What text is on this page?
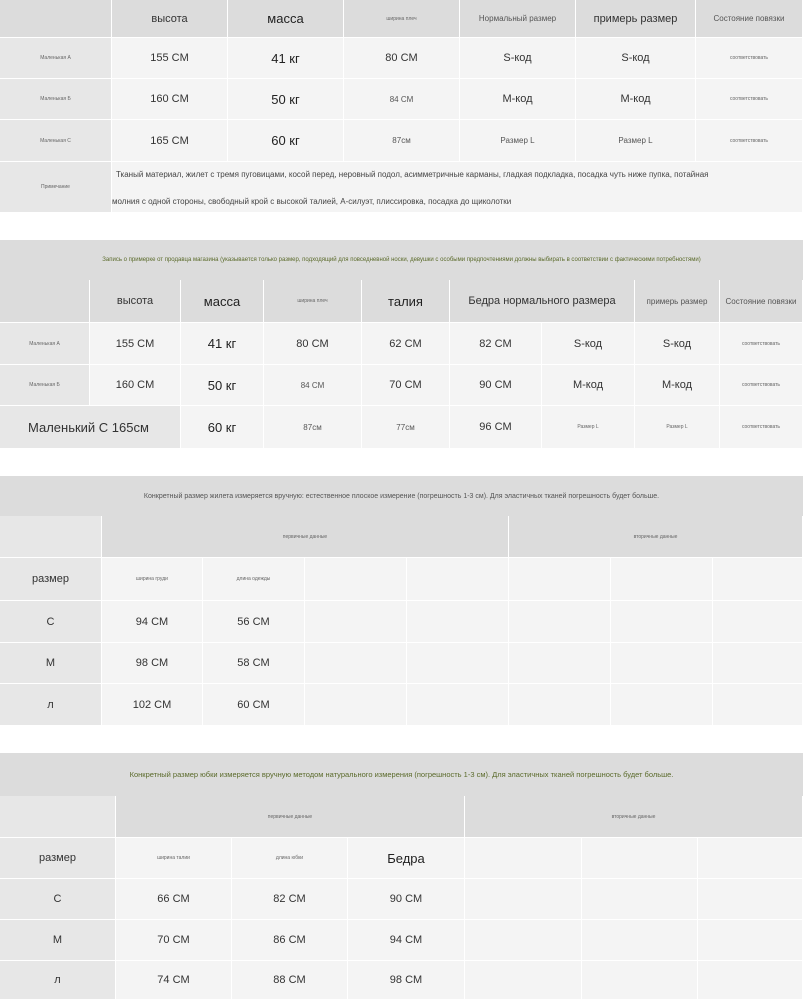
высота	масса	ширина плеч	Нормальный размер	примерь размер	Состояние повязки
Маленькая A	155 CM	41 кг	80 CM	S-код	S-код	соответствовать
Маленькая Б	160 CM	50 кг	84 CM	M-код	M-код	соответствовать
Маленькая C	165 CM	60 кг	87см	Размер L	Размер L	соответствовать
Примечание
Тканый материал, жилет с тремя пуговицами, косой перед, неровный подол, асимметричные карманы, гладкая подкладка, посадка чуть ниже пупка, потайная
молния с одной стороны, свободный крой с высокой талией, А-силуэт, плиссировка, посадка до щиколотки
Запись о примерке от продавца магазина (указывается только размер, подходящий для повседневной носки, девушки с особыми предпочтениями должны выбирать в соответствии с фактическими потребностями)
высота	масса	ширина плеч	талия	Бедра нормального размера	примерь размер	Состояние повязки
Маленькая A	155 CM	41 кг	80 CM	62 CM	82 CM	S-код	S-код	соответствовать
Маленькая Б	160 CM	50 кг	84 CM	70 CM	90 CM	M-код	M-код	соответствовать
Маленький C 165см	60 кг	87см	77см	96 CM	Размер L	Размер L	соответствовать
Конкретный размер жилета измеряется вручную: естественное плоское измерение (погрешность 1-3 см). Для эластичных тканей погрешность будет больше.
первичные данные	вторичные данные
размер	ширина груди	длина одежды
С	94 CM	56 CM
M	98 CM	58 CM
л	102 CM	60 CM
Конкретный размер юбки измеряется вручную методом натурального измерения (погрешность 1-3 см). Для эластичных тканей погрешность будет больше.
первичные данные	вторичные данные
размер	ширина талии	длина юбки	Бедра
С	66 CM	82 CM	90 CM
M	70 CM	86 CM	94 CM
л	74 CM	88 CM	98 CM
